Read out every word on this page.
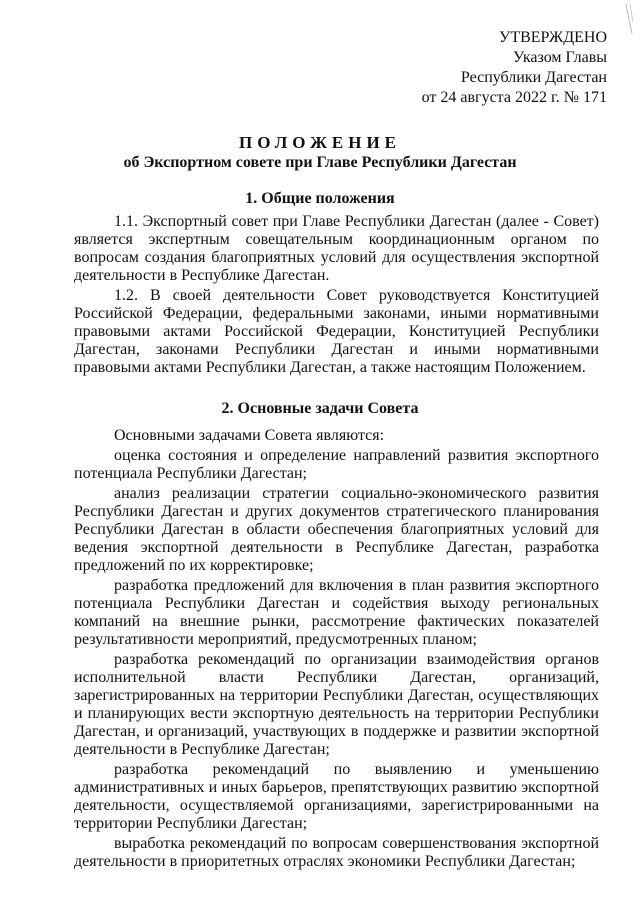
УТВЕРЖДЕНО
Указом Главы
Республики Дагестан
от 24 августа 2022 г. № 171
ПОЛОЖЕНИЕ
об Экспортном совете при Главе Республики Дагестан
1. Общие положения

1.1. Экспортный совет при Главе Республики Дагестан (далее - Совет) является экспертным совещательным координационным органом по вопросам создания благоприятных условий для осуществления экспортной деятельности в Республике Дагестан.

1.2. В своей деятельности Совет руководствуется Конституцией Российской Федерации, федеральными законами, иными нормативными правовыми актами Российской Федерации, Конституцией Республики Дагестан, законами Республики Дагестан и иными нормативными правовыми актами Республики Дагестан, а также настоящим Положением.

2. Основные задачи Совета

Основными задачами Совета являются:

оценка состояния и определение направлений развития экспортного потенциала Республики Дагестан;

анализ реализации стратегии социально-экономического развития Республики Дагестан и других документов стратегического планирования Республики Дагестан в области обеспечения благоприятных условий для ведения экспортной деятельности в Республике Дагестан, разработка предложений по их корректировке;

разработка предложений для включения в план развития экспортного потенциала Республики Дагестан и содействия выходу региональных компаний на внешние рынки, рассмотрение фактических показателей результативности мероприятий, предусмотренных планом;

разработка рекомендаций по организации взаимодействия органов исполнительной власти Республики Дагестан, организаций, зарегистрированных на территории Республики Дагестан, осуществляющих и планирующих вести экспортную деятельность на территории Республики Дагестан, и организаций, участвующих в поддержке и развитии экспортной деятельности в Республике Дагестан;

разработка рекомендаций по выявлению и уменьшению административных и иных барьеров, препятствующих развитию экспортной деятельности, осуществляемой организациями, зарегистрированными на территории Республики Дагестан;

выработка рекомендаций по вопросам совершенствования экспортной деятельности в приоритетных отраслях экономики Республики Дагестан;
